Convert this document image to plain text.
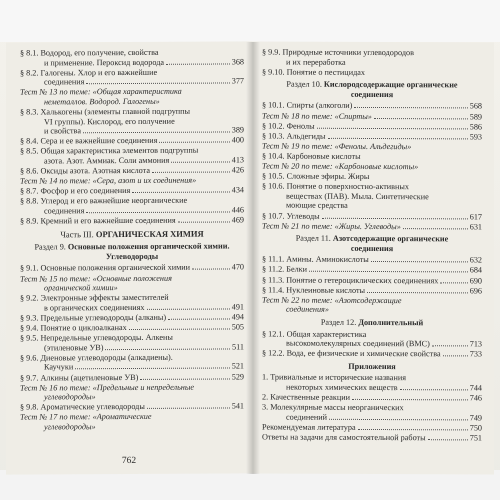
§ 8.1.
Водород, его получение, свойства
и применение. Пероксид водорода	368
§ 8.2.
Галогены. Хлор и его важнейшие
соединения	377
Тест № 13 по теме:
«Общая характеристика
неметаллов. Водород. Галогены»
§ 8.3.
Халькогены (элементы главной подгруппы
VI группы). Кислород, его получение
и свойства	389
§ 8.4.
Сера и ее важнейшие соединения	400
§ 8.5.
Общая характеристика элементов подгруппы
азота. Азот. Аммиак. Соли аммония	413
§ 8.6.
Оксиды азота. Азотная кислота	426
Тест № 14 по теме:
«Сера, азот и их соединения»
§ 8.7.
Фосфор и его соединения	434
§ 8.8.
Углерод и его важнейшие неорганические
соединения	446
§ 8.9.
Кремний и его важнейшие соединения	469
Часть III. ОРГАНИЧЕСКАЯ ХИМИЯ
Раздел 9. Основные положения органической химии.
Углеводороды
§ 9.1.
Основные положения органической химии	470
Тест № 15 по теме:
«Основные положения
органической химии»
§ 9.2.
Электронные эффекты заместителей
в органических соединениях	491
§ 9.3.
Предельные углеводороды (алканы)	494
§ 9.4.
Понятие о циклоалканах	505
§ 9.5.
Непредельные углеводороды. Алкены
(этиленовые УВ)	511
§ 9.6.
Диеновые углеводороды (алкадиены).
Каучуки	521
§ 9.7.
Алкины (ацетиленовые УВ)	529
Тест № 16 по теме:
«Предельные и непредельные
углеводороды»
§ 9.8.
Ароматические углеводороды	541
Тест № 17 по теме:
«Ароматические
углеводороды»
762
§ 9.9.
Природные источники углеводородов
и их переработка
§ 9.10.
Понятие о пестицидах
Раздел 10. Кислородсодержащие органические
соединения
§ 10.1.
Спирты (алкоголи)	568
Тест № 18 по теме:
«Спирты»	589
§ 10.2.
Фенолы	586
§ 10.3.
Альдегиды	593
Тест № 19 по теме:
«Фенолы. Альдегиды»
§ 10.4.
Карбоновые кислоты
Тест № 20 по теме:
«Карбоновые кислоты»
§ 10.5.
Сложные эфиры. Жиры
§ 10.6.
Понятие о поверхностно-активных
веществах (ПАВ). Мыла. Синтетические
моющие средства
§ 10.7.
Углеводы	617
Тест № 21 по теме:
«Жиры. Углеводы»	631
Раздел 11. Азотсодержащие органические
соединения
§ 11.1.
Амины. Аминокислоты	632
§ 11.2.
Белки	684
§ 11.3.
Понятие о гетероциклических соединениях	690
§ 11.4.
Нуклеиновые кислоты	696
Тест № 22 по теме:
«Азотсодержащие
соединения»
Раздел 12. Дополнительный
§ 12.1.
Общая характеристика
высокомолекулярных соединений (ВМС)	713
§ 12.2.
Вода, ее физические и химические свойства	733
Приложения
1.
Тривиальные и исторические названия
некоторых химических веществ	744
2.
Качественные реакции	746
3.
Молекулярные массы неорганических
соединений	749
Рекомендуемая литература	750
Ответы на задачи для самостоятельной работы	751
